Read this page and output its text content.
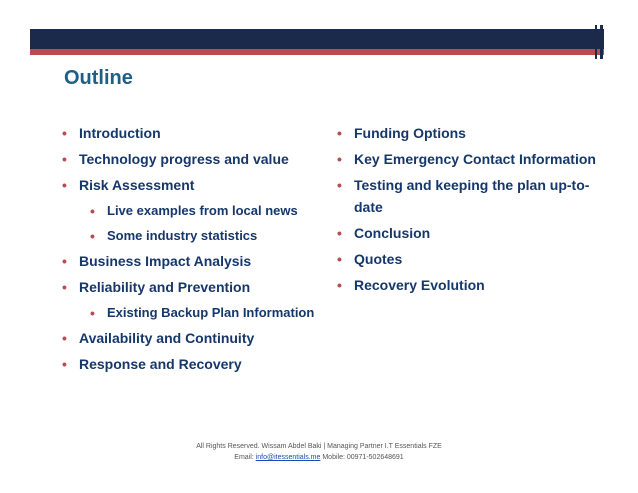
Outline
• Introduction
• Technology progress and value
• Risk Assessment
• Live examples from local news
• Some industry statistics
• Business Impact Analysis
• Reliability and Prevention
• Existing Backup Plan Information
• Availability and Continuity
• Response and Recovery
• Funding Options
• Key Emergency Contact Information
• Testing and keeping the plan up-to-date
• Conclusion
• Quotes
• Recovery Evolution
All Rights Reserved. Wissam Abdel Baki | Managing Partner I.T Essentials FZE
Email: info@itessentials.me Mobile: 00971-502648691
